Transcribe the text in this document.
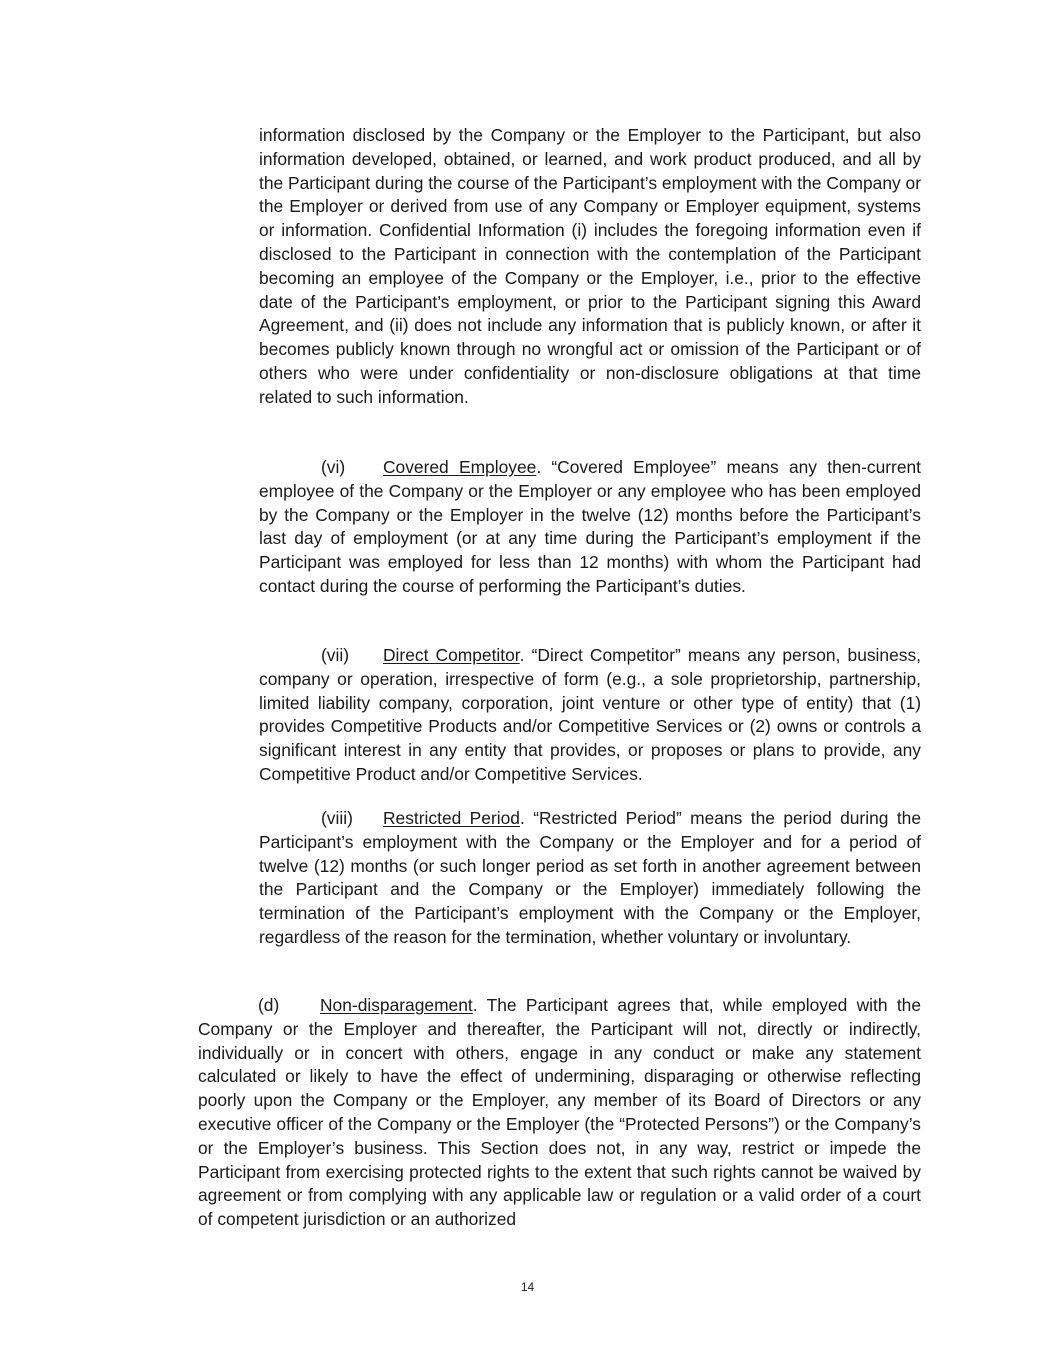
information disclosed by the Company or the Employer to the Participant, but also information developed, obtained, or learned, and work product produced, and all by the Participant during the course of the Participant’s employment with the Company or the Employer or derived from use of any Company or Employer equipment, systems or information. Confidential Information (i) includes the foregoing information even if disclosed to the Participant in connection with the contemplation of the Participant becoming an employee of the Company or the Employer, i.e., prior to the effective date of the Participant’s employment, or prior to the Participant signing this Award Agreement, and (ii) does not include any information that is publicly known, or after it becomes publicly known through no wrongful act or omission of the Participant or of others who were under confidentiality or non-disclosure obligations at that time related to such information.

(vi) Covered Employee. “Covered Employee” means any then-current employee of the Company or the Employer or any employee who has been employed by the Company or the Employer in the twelve (12) months before the Participant’s last day of employment (or at any time during the Participant’s employment if the Participant was employed for less than 12 months) with whom the Participant had contact during the course of performing the Participant’s duties.

(vii) Direct Competitor. “Direct Competitor” means any person, business, company or operation, irrespective of form (e.g., a sole proprietorship, partnership, limited liability company, corporation, joint venture or other type of entity) that (1) provides Competitive Products and/or Competitive Services or (2) owns or controls a significant interest in any entity that provides, or proposes or plans to provide, any Competitive Product and/or Competitive Services.

(viii) Restricted Period. “Restricted Period” means the period during the Participant’s employment with the Company or the Employer and for a period of twelve (12) months (or such longer period as set forth in another agreement between the Participant and the Company or the Employer) immediately following the termination of the Participant’s employment with the Company or the Employer, regardless of the reason for the termination, whether voluntary or involuntary.

(d) Non-disparagement. The Participant agrees that, while employed with the Company or the Employer and thereafter, the Participant will not, directly or indirectly, individually or in concert with others, engage in any conduct or make any statement calculated or likely to have the effect of undermining, disparaging or otherwise reflecting poorly upon the Company or the Employer, any member of its Board of Directors or any executive officer of the Company or the Employer (the “Protected Persons”) or the Company’s or the Employer’s business. This Section does not, in any way, restrict or impede the Participant from exercising protected rights to the extent that such rights cannot be waived by agreement or from complying with any applicable law or regulation or a valid order of a court of competent jurisdiction or an authorized

14
